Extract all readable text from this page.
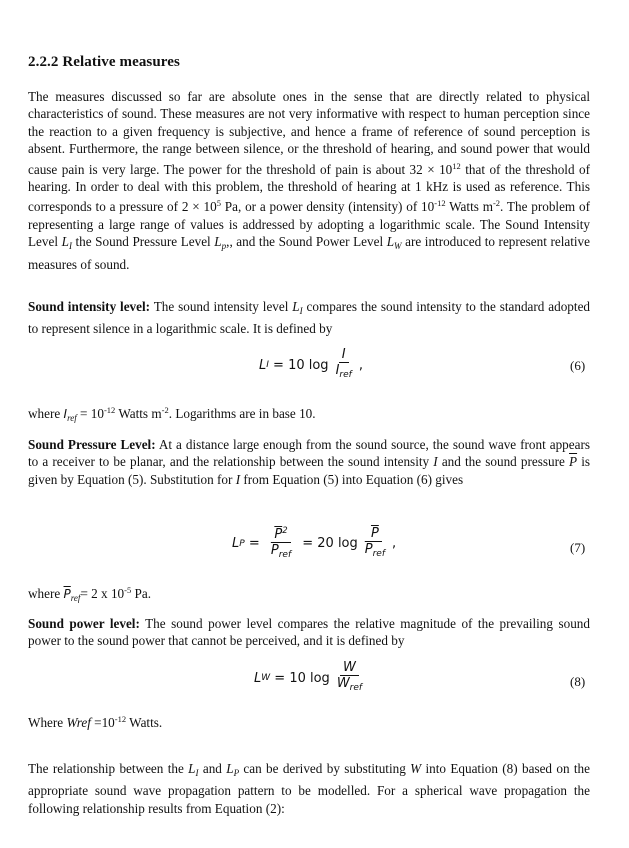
2.2.2 Relative measures
The measures discussed so far are absolute ones in the sense that are directly related to physical characteristics of sound. These measures are not very informative with respect to human perception since the reaction to a given frequency is subjective, and hence a frame of reference of sound perception is absent. Furthermore, the range between silence, or the threshold of hearing, and sound power that would cause pain is very large. The power for the threshold of pain is about $32 \times 10^{12}$ that of the threshold of hearing. In order to deal with this problem, the threshold of hearing at 1 kHz is used as reference. This corresponds to a pressure of $2 \times 10^5$ Pa, or a power density (intensity) of $10^{-12}$ Watts $m^{-2}$. The problem of representing a large range of values is addressed by adopting a logarithmic scale. The Sound Intensity Level $L_I$ the Sound Pressure Level $L_p$,, and the Sound Power Level $L_W$ are introduced to represent relative measures of sound.
Sound intensity level: The sound intensity level $L_I$ compares the sound intensity to the standard adopted to represent silence in a logarithmic scale. It is defined by
L I = 10 $\log \frac{I}{I_{ref}}$ ,	(6)
where $I_{ref} = 10^{-12}$ Watts $m^{-2}$. Logarithms are in base 10.
Sound Pressure Level: At a distance large enough from the sound source, the sound wave front appears to a receiver to be planar, and the relationship between the sound intensity I and the sound pressure $\overline{P}$ is given by Equation (5). Substitution for I from Equation (5) into Equation (6) gives
L $P = \frac{\overline{P}^2}{\overline{P}_{ref}} = 20$ $\log \frac{\overline{P}}{\overline{P}_{ref}}$ ,	(7)
where $\overline{P}_{ref}= 2$ x $10^{-5}$ Pa.
Sound power level: The sound power level compares the relative magnitude of the prevailing sound power to the sound power that cannot be perceived, and it is defined by
L W = 10 $\log \frac{W}{W_{ref}}$	(8)
Where Wref $=10^{-12}$ Watts.
The relationship between the $L_I$ and $L_P$ can be derived by substituting W into Equation (8) based on the appropriate sound wave propagation pattern to be modelled. For a spherical wave propagation the following relationship results from Equation (2):
